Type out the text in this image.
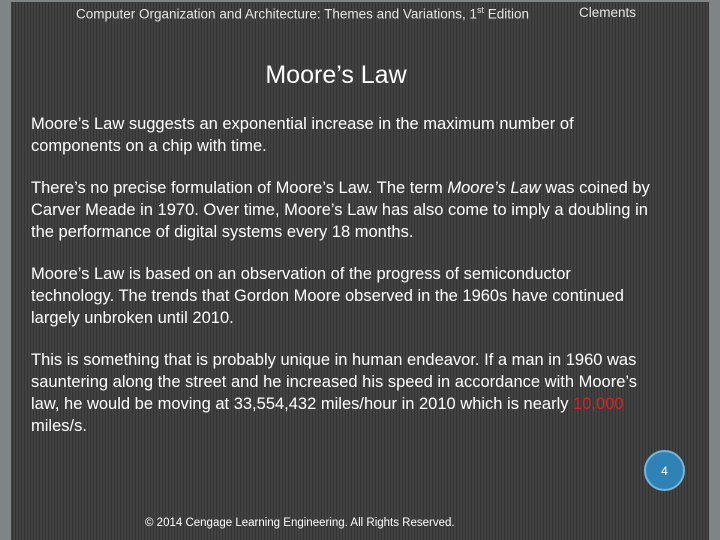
Computer Organization and Architecture: Themes and Variations, 1st Edition	Clements
Moore’s Law

Moore’s Law suggests an exponential increase in the maximum number of components on a chip with time.

There’s no precise formulation of Moore’s Law. The term Moore’s Law was coined by Carver Meade in 1970. Over time, Moore’s Law has also come to imply a doubling in the performance of digital systems every 18 months.

Moore’s Law is based on an observation of the progress of semiconductor technology. The trends that Gordon Moore observed in the 1960s have continued largely unbroken until 2010.

This is something that is probably unique in human endeavor. If a man in 1960 was sauntering along the street and he increased his speed in accordance with Moore’s law, he would be moving at 33,554,432 miles/hour in 2010 which is nearly 10,000 miles/s.

4
© 2014 Cengage Learning Engineering. All Rights Reserved.
